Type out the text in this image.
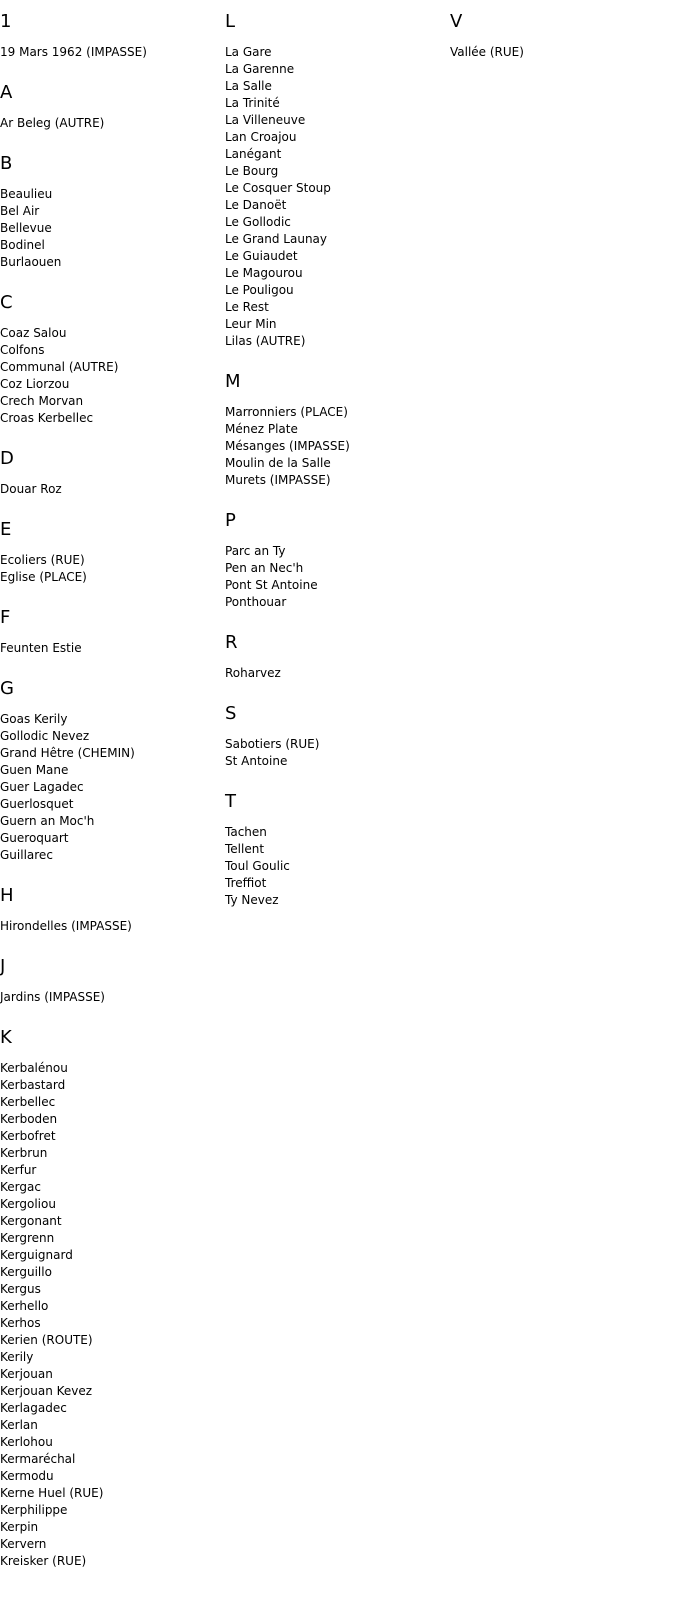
1
19 Mars 1962 (IMPASSE)
A
Ar Beleg (AUTRE)
B
Beaulieu
Bel Air
Bellevue
Bodinel
Burlaouen
C
Coaz Salou
Colfons
Communal (AUTRE)
Coz Liorzou
Crech Morvan
Croas Kerbellec
D
Douar Roz
E
Ecoliers (RUE)
Eglise (PLACE)
F
Feunten Estie
G
Goas Kerily
Gollodic Nevez
Grand Hêtre (CHEMIN)
Guen Mane
Guer Lagadec
Guerlosquet
Guern an Moc'h
Gueroquart
Guillarec
H
Hirondelles (IMPASSE)
J
Jardins (IMPASSE)
K
Kerbalénou
Kerbastard
Kerbellec
Kerboden
Kerbofret
Kerbrun
Kerfur
Kergac
Kergoliou
Kergonant
Kergrenn
Kerguignard
Kerguillo
Kergus
Kerhello
Kerhos
Kerien (ROUTE)
Kerily
Kerjouan
Kerjouan Kevez
Kerlagadec
Kerlan
Kerlohou
Kermaréchal
Kermodu
Kerne Huel (RUE)
Kerphilippe
Kerpin
Kervern
Kreisker (RUE)
L
La Gare
La Garenne
La Salle
La Trinité
La Villeneuve
Lan Croajou
Lanégant
Le Bourg
Le Cosquer Stoup
Le Danoët
Le Gollodic
Le Grand Launay
Le Guiaudet
Le Magourou
Le Pouligou
Le Rest
Leur Min
Lilas (AUTRE)
M
Marronniers (PLACE)
Ménez Plate
Mésanges (IMPASSE)
Moulin de la Salle
Murets (IMPASSE)
P
Parc an Ty
Pen an Nec'h
Pont St Antoine
Ponthouar
R
Roharvez
S
Sabotiers (RUE)
St Antoine
T
Tachen
Tellent
Toul Goulic
Treffiot
Ty Nevez
V
Vallée (RUE)
